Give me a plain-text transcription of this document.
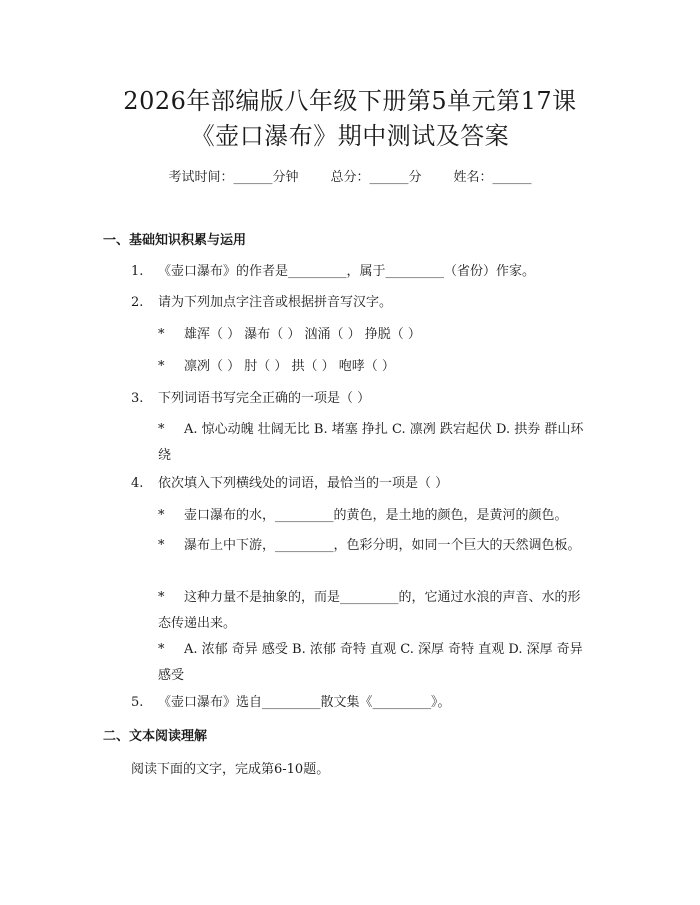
2026年部编版八年级下册第5单元第17课
《壶口瀑布》期中测试及答案
考试时间：______分钟 总分：______分 姓名：______
一、基础知识积累与运用
1. 《壶口瀑布》的作者是_________，属于_________（省份）作家。
2. 请为下列加点字注音或根据拼音写汉字。
* 雄浑（ ） 瀑布（ ） 汹涌（ ） 挣脱（ ）
* 凛冽（ ） 肘（ ） 拱（ ） 咆哮（ ）
3. 下列词语书写完全正确的一项是（ ）
* A. 惊心动魄 壮阔无比 B. 堵塞 挣扎 C. 凛冽 跌宕起伏 D. 拱券 群山环绕
4. 依次填入下列横线处的词语，最恰当的一项是（ ）
* 壶口瀑布的水，_________的黄色，是土地的颜色，是黄河的颜色。
* 瀑布上中下游，_________，色彩分明，如同一个巨大的天然调色板。
* 这种力量不是抽象的，而是_________的，它通过水浪的声音、水的形态传递出来。
* A. 浓郁 奇异 感受 B. 浓郁 奇特 直观 C. 深厚 奇特 直观 D. 深厚 奇异 感受
5. 《壶口瀑布》选自_________散文集《_________》。
二、文本阅读理解
阅读下面的文字，完成第6-10题。
